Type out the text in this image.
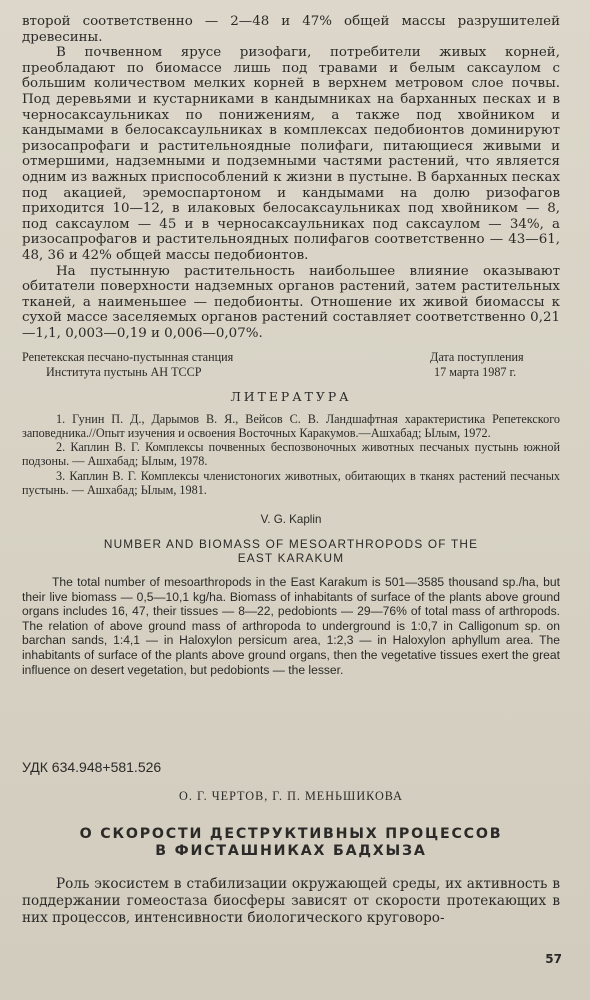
второй соответственно — 2—48 и 47% общей массы разрушителей древесины.

В почвенном ярусе ризофаги, потребители живых корней, преобладают по биомассе лишь под травами и белым саксаулом с большим количеством мелких корней в верхнем метровом слое почвы. Под деревьями и кустарниками в кандымниках на барханных песках и в черносаксаульниках по понижениям, а также под хвойником и кандымами в белосаксаульниках в комплексах педобионтов доминируют ризосапрофаги и растительноядные полифаги, питающиеся живыми и отмершими, надземными и подземными частями растений, что является одним из важных приспособлений к жизни в пустыне. В барханных песках под акацией, эремоспартоном и кандымами на долю ризофагов приходится 10—12, в илаковых белосаксаульниках под хвойником — 8, под саксаулом — 45 и в черносаксаульниках под саксаулом — 34%, а ризосапрофагов и растительноядных полифагов соответственно — 43—61, 48, 36 и 42% общей массы педобионтов.

На пустынную растительность наибольшее влияние оказывают обитатели поверхности надземных органов растений, затем растительных тканей, а наименьшее — педобионты. Отношение их живой биомассы к сухой массе заселяемых органов растений составляет соответственно 0,21—1,1, 0,003—0,19 и 0,006—0,07%.

Репетекская песчано-пустынная станция
Института пустынь АН ТССР
Дата поступления
17 марта 1987 г.
ЛИТЕРАТУРА

1. Гунин П. Д., Дарымов В. Я., Вейсов С. В. Ландшафтная характеристика Репетекского заповедника.//Опыт изучения и освоения Восточных Каракумов.—Ашхабад; Ылым, 1972.

2. Каплин В. Г. Комплексы почвенных беспозвоночных животных песчаных пустынь южной подзоны. — Ашхабад; Ылым, 1978.

3. Каплин В. Г. Комплексы членистоногих животных, обитающих в тканях растений песчаных пустынь. — Ашхабад; Ылым, 1981.

V. G. Kaplin
NUMBER AND BIOMASS OF MESOARTHROPODS OF THE
EAST KARAKUM

The total number of mesoarthropods in the East Karakum is 501—3585 thousand sp./ha, but their live biomass — 0,5—10,1 kg/ha. Biomass of inhabitants of surface of the plants above ground organs includes 16, 47, their tissues — 8—22, pedobionts — 29—76% of total mass of arthropods. The relation of above ground mass of arthropoda to underground is 1:0,7 in Calligonum sp. on barchan sands, 1:4,1 — in Haloxylon persicum area, 1:2,3 — in Haloxylon aphyllum area. The inhabitants of surface of the plants above ground organs, then the vegetative tissues exert the great influence on desert vegetation, but pedobionts — the lesser.

УДК 634.948+581.526
О. Г. ЧЕРТОВ, Г. П. МЕНЬШИКОВА
О СКОРОСТИ ДЕСТРУКТИВНЫХ ПРОЦЕССОВ
В ФИСТАШНИКАХ БАДХЫЗА

Роль экосистем в стабилизации окружающей среды, их активность в поддержании гомеостаза биосферы зависят от скорости протекающих в них процессов, интенсивности биологического круговоро-

57
